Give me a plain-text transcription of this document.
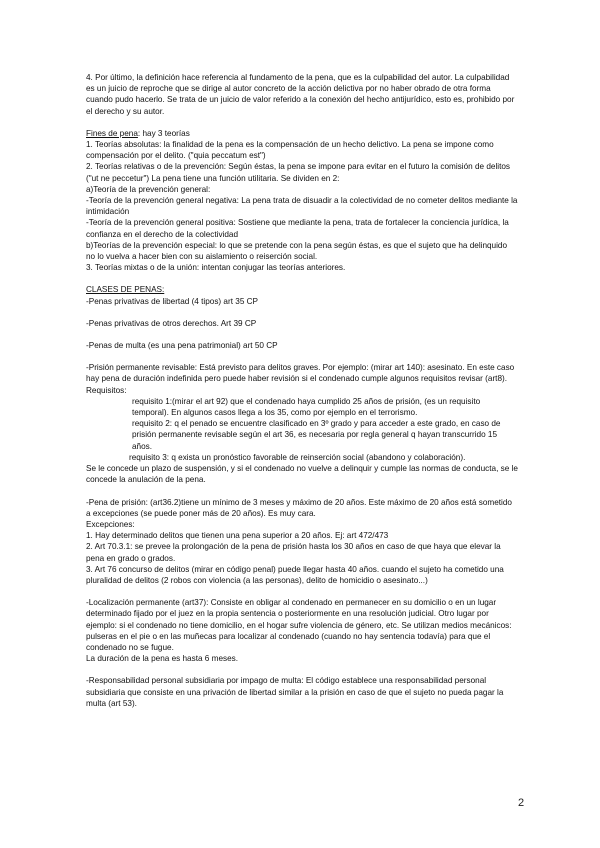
4. Por último, la definición hace referencia al fundamento de la pena, que es la culpabilidad del autor. La culpabilidad es un juicio de reproche que se dirige al autor concreto de la acción delictiva por no haber obrado de otra forma cuando pudo hacerlo. Se trata de un juicio de valor referido a la conexión del hecho antijurídico, esto es, prohibido por el derecho y su autor.

Fines de pena: hay 3 teorías

1. Teorías absolutas: la finalidad de la pena es la compensación de un hecho delictivo. La pena se impone como compensación por el delito. ("quia peccatum est")

2. Teorías relativas o de la prevención: Según éstas, la pena se impone para evitar en el futuro la comisión de delitos ("ut ne peccetur") La pena tiene una función utilitaria. Se dividen en 2:

a)Teoría de la prevención general:

-Teoría de la prevención general negativa: La pena trata de disuadir a la colectividad de no cometer delitos mediante la intimidación

-Teoría de la prevención general positiva: Sostiene que mediante la pena, trata de fortalecer la conciencia jurídica, la confianza en el derecho de la colectividad

b)Teorías de la prevención especial: lo que se pretende con la pena según éstas, es que el sujeto que ha delinquido no lo vuelva a hacer bien con su aislamiento o reiserción social.

3. Teorías mixtas o de la unión: intentan conjugar las teorías anteriores.

CLASES DE PENAS:

-Penas privativas de libertad (4 tipos) art 35 CP

-Penas privativas de otros derechos. Art 39 CP

-Penas de multa (es una pena patrimonial) art 50 CP

-Prisión permanente revisable: Está previsto para delitos graves. Por ejemplo: (mirar art 140): asesinato. En este caso hay pena de duración indefinida pero puede haber revisión si el condenado cumple algunos requisitos revisar (art8).

Requisitos:

requisito 1:(mirar el art 92) que el condenado haya cumplido 25 años de prisión, (es un requisito temporal). En algunos casos llega a los 35, como por ejemplo en el terrorismo.

requisito 2: q el penado se encuentre clasificado en 3º grado y para acceder a este grado, en caso de prisión permanente revisable según el art 36, es necesaria por regla general q hayan transcurrido 15 años.

requisito 3: q exista un pronóstico favorable de reinserción social (abandono y colaboración).

Se le concede un plazo de suspensión, y si el condenado no vuelve a delinquir y cumple las normas de conducta, se le concede la anulación de la pena.

-Pena de prisión: (art36.2)tiene un mínimo de 3 meses y máximo de 20 años. Este máximo de 20 años está sometido a excepciones (se puede poner más de 20 años). Es muy cara.

Excepciones:

1. Hay determinado delitos que tienen una pena superior a 20 años. Ej: art 472/473

2. Art 70.3.1: se prevee la prolongación de la pena de prisión hasta los 30 años en caso de que haya que elevar la pena en grado o grados.

3. Art 76 concurso de delitos (mirar en código penal) puede llegar hasta 40 años. cuando el sujeto ha cometido una pluralidad de delitos (2 robos con violencia (a las personas), delito de homicidio o asesinato...)

-Localización permanente (art37): Consiste en obligar al condenado en permanecer en su domicilio o en un lugar determinado fijado por el juez en la propia sentencia o posteriormente en una resolución judicial. Otro lugar por ejemplo: si el condenado no tiene domicilio, en el hogar sufre violencia de género, etc. Se utilizan medios mecánicos: pulseras en el pie o en las muñecas para localizar al condenado (cuando no hay sentencia todavía) para que el condenado no se fugue.

La duración de la pena es hasta 6 meses.

-Responsabilidad personal subsidiaria por impago de multa: El código establece una responsabilidad personal subsidiaria que consiste en una privación de libertad similar a la prisión en caso de que el sujeto no pueda pagar la multa (art 53).

2
